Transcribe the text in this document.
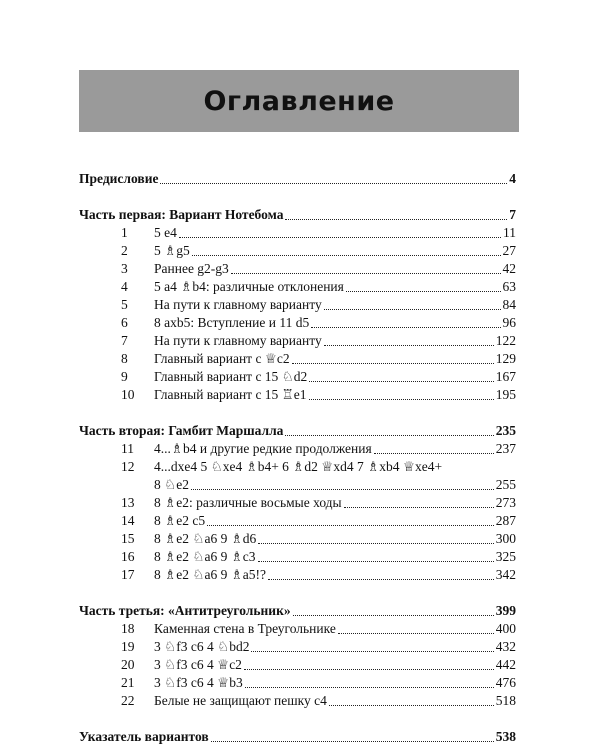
Оглавление
Предисловие	4
Часть первая: Вариант Нотебома	7
1	5 e4	11
2	5 ♗g5	27
3	Раннее g2-g3	42
4	5 a4 ♗b4: различные отклонения	63
5	На пути к главному варианту	84
6	8 axb5: Вступление и 11 d5	96
7	На пути к главному варианту	122
8	Главный вариант с ♕c2	129
9	Главный вариант с 15 ♘d2	167
10	Главный вариант с 15 ♖e1	195
Часть вторая: Гамбит Маршалла	235
11	4...♗b4 и другие редкие продолжения	237
12	4...dxe4 5 ♘xe4 ♗b4+ 6 ♗d2 ♕xd4 7 ♗xb4 ♕xe4+
8 ♘e2	255
13	8 ♗e2: различные восьмые ходы	273
14	8 ♗e2 c5	287
15	8 ♗e2 ♘a6 9 ♗d6	300
16	8 ♗e2 ♘a6 9 ♗c3	325
17	8 ♗e2 ♘a6 9 ♗a5!?	342
Часть третья: «Антитреугольник»	399
18	Каменная стена в Треугольнике	400
19	3 ♘f3 c6 4 ♘bd2	432
20	3 ♘f3 c6 4 ♕c2	442
21	3 ♘f3 c6 4 ♕b3	476
22	Белые не защищают пешку c4	518
Указатель вариантов	538
